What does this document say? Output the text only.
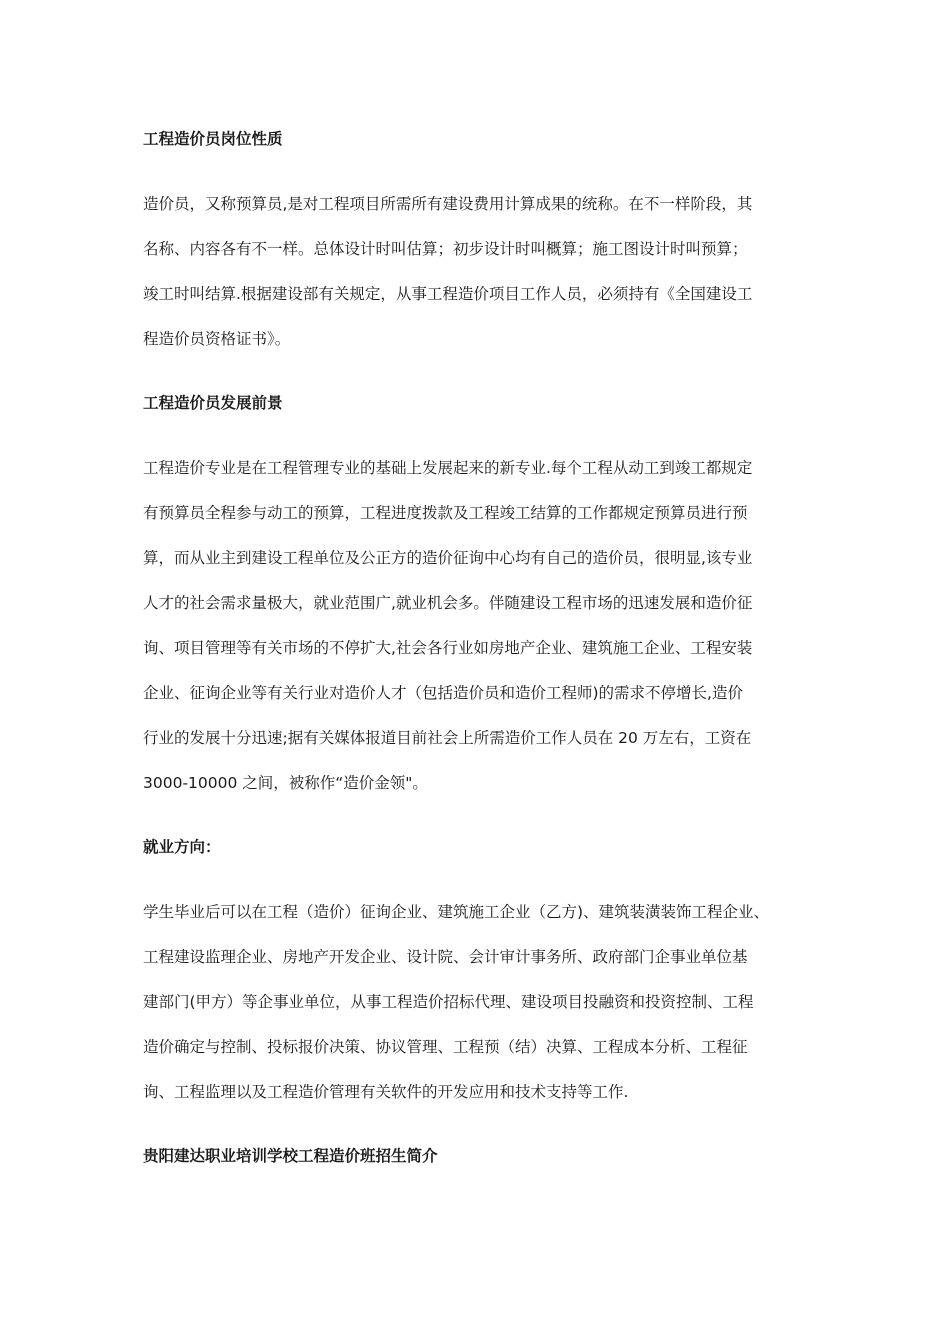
工程造价员岗位性质
造价员，又称预算员,是对工程项目所需所有建设费用计算成果的统称。在不一样阶段，其
名称、内容各有不一样。总体设计时叫估算；初步设计时叫概算；施工图设计时叫预算；
竣工时叫结算.根据建设部有关规定，从事工程造价项目工作人员，必须持有《全国建设工
程造价员资格证书》。
工程造价员发展前景
工程造价专业是在工程管理专业的基础上发展起来的新专业.每个工程从动工到竣工都规定
有预算员全程参与动工的预算，工程进度拨款及工程竣工结算的工作都规定预算员进行预
算，而从业主到建设工程单位及公正方的造价征询中心均有自己的造价员，很明显,该专业
人才的社会需求量极大，就业范围广,就业机会多。伴随建设工程市场的迅速发展和造价征
询、项目管理等有关市场的不停扩大,社会各行业如房地产企业、建筑施工企业、工程安装
企业、征询企业等有关行业对造价人才（包括造价员和造价工程师)的需求不停增长,造价
行业的发展十分迅速;据有关媒体报道目前社会上所需造价工作人员在 20 万左右，工资在
3000-10000 之间，被称作“造价金领"。
就业方向：
学生毕业后可以在工程（造价）征询企业、建筑施工企业（乙方)、建筑装潢装饰工程企业、
工程建设监理企业、房地产开发企业、设计院、会计审计事务所、政府部门企事业单位基
建部门(甲方）等企事业单位，从事工程造价招标代理、建设项目投融资和投资控制、工程
造价确定与控制、投标报价决策、协议管理、工程预（结）决算、工程成本分析、工程征
询、工程监理以及工程造价管理有关软件的开发应用和技术支持等工作.
贵阳建达职业培训学校工程造价班招生简介
